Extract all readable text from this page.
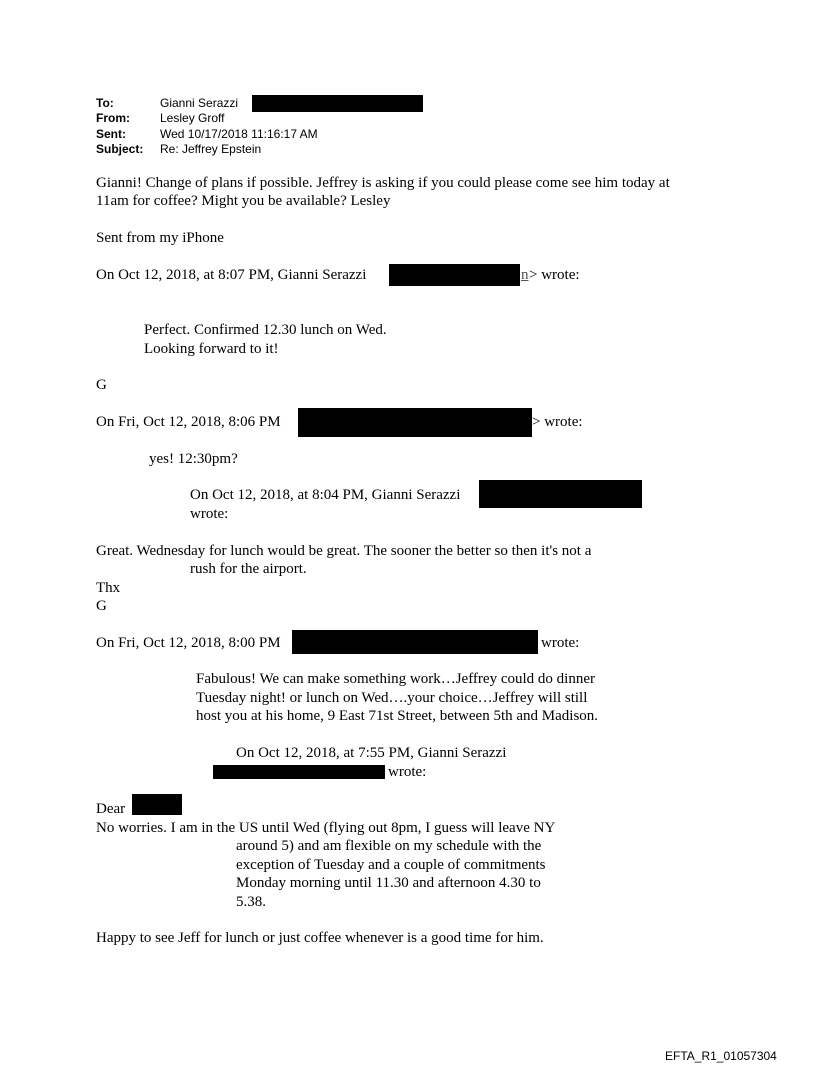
To:	Gianni Serazzi
From:	Lesley Groff
Sent:	Wed 10/17/2018 11:16:17 AM
Subject: Re: Jeffrey Epstein
Gianni! Change of plans if possible. Jeffrey is asking if you could please come see him today at
11am for coffee? Might you be available? Lesley
Sent from my iPhone
On Oct 12, 2018, at 8:07 PM, Gianni Serazzi	n > wrote:
Perfect. Confirmed 12.30 lunch on Wed.
Looking forward to it!
G
On Fri, Oct 12, 2018, 8:06 PM	> wrote:
yes! 12:30pm?
On Oct 12, 2018, at 8:04 PM, Gianni Serazzi
wrote:
Great. Wednesday for lunch would be great. The sooner the better so then it's not a
rush for the airport.
Thx
G
On Fri, Oct 12, 2018, 8:00 PM	wrote:
Fabulous! We can make something work…Jeffrey could do dinner
Tuesday night! or lunch on Wed….your choice…Jeffrey will still
host you at his home, 9 East 71st Street, between 5th and Madison.
On Oct 12, 2018, at 7:55 PM, Gianni Serazzi
wrote:
Dear
No worries. I am in the US until Wed (flying out 8pm, I guess will leave NY
around 5) and am flexible on my schedule with the
exception of Tuesday and a couple of commitments
Monday morning until 11.30 and afternoon 4.30 to
5.38.
Happy to see Jeff for lunch or just coffee whenever is a good time for him.
EFTA_R1_01057304
